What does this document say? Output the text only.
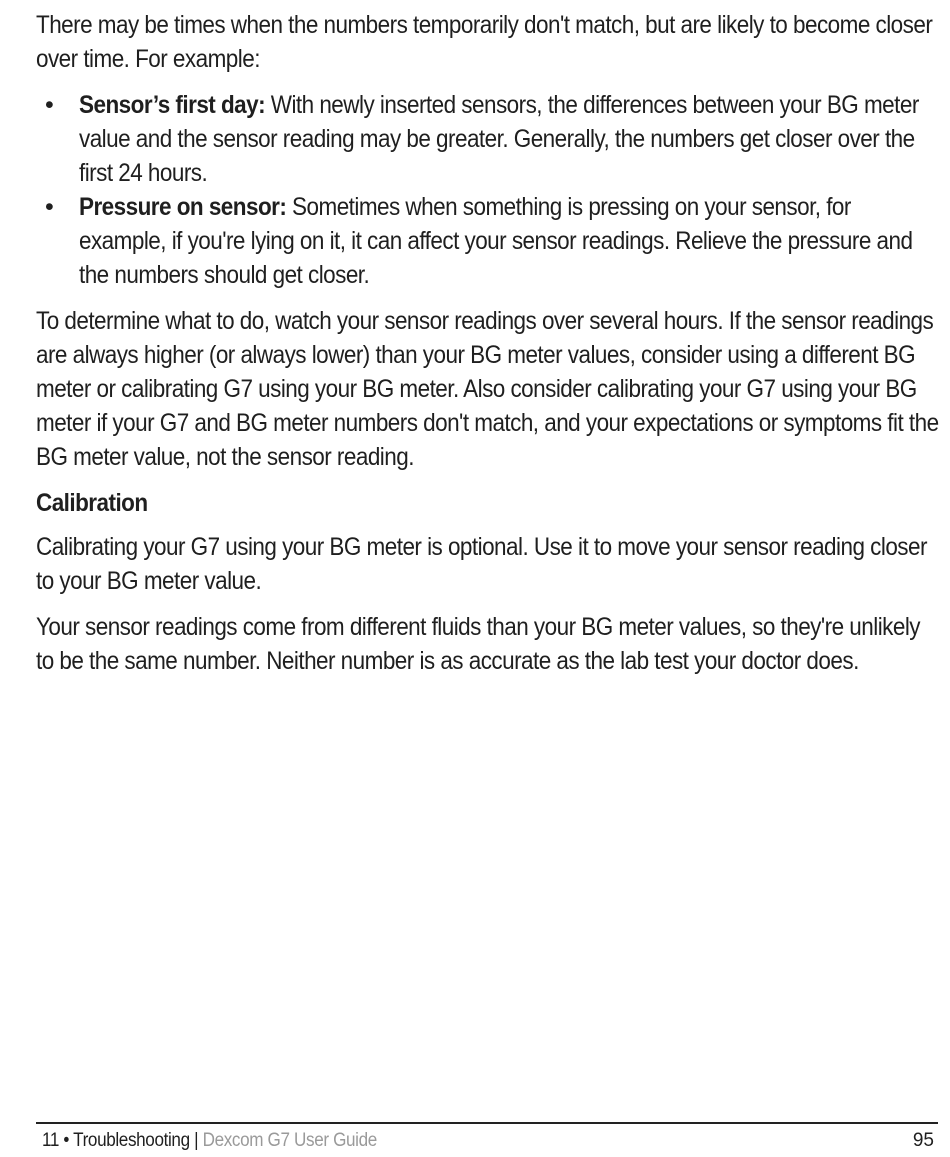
There may be times when the numbers temporarily don't match, but are likely to become closer over time. For example:

• Sensor’s first day: With newly inserted sensors, the differences between your BG meter value and the sensor reading may be greater. Generally, the numbers get closer over the first 24 hours.

• Pressure on sensor: Sometimes when something is pressing on your sensor, for example, if you're lying on it, it can affect your sensor readings. Relieve the pressure and the numbers should get closer.

To determine what to do, watch your sensor readings over several hours. If the sensor readings are always higher (or always lower) than your BG meter values, consider using a different BG meter or calibrating G7 using your BG meter. Also consider calibrating your G7 using your BG meter if your G7 and BG meter numbers don't match, and your expectations or symptoms fit the BG meter value, not the sensor reading.

Calibration

Calibrating your G7 using your BG meter is optional. Use it to move your sensor reading closer to your BG meter value.

Your sensor readings come from different fluids than your BG meter values, so they're unlikely to be the same number. Neither number is as accurate as the lab test your doctor does.

11 • Troubleshooting | Dexcom G7 User Guide	95
